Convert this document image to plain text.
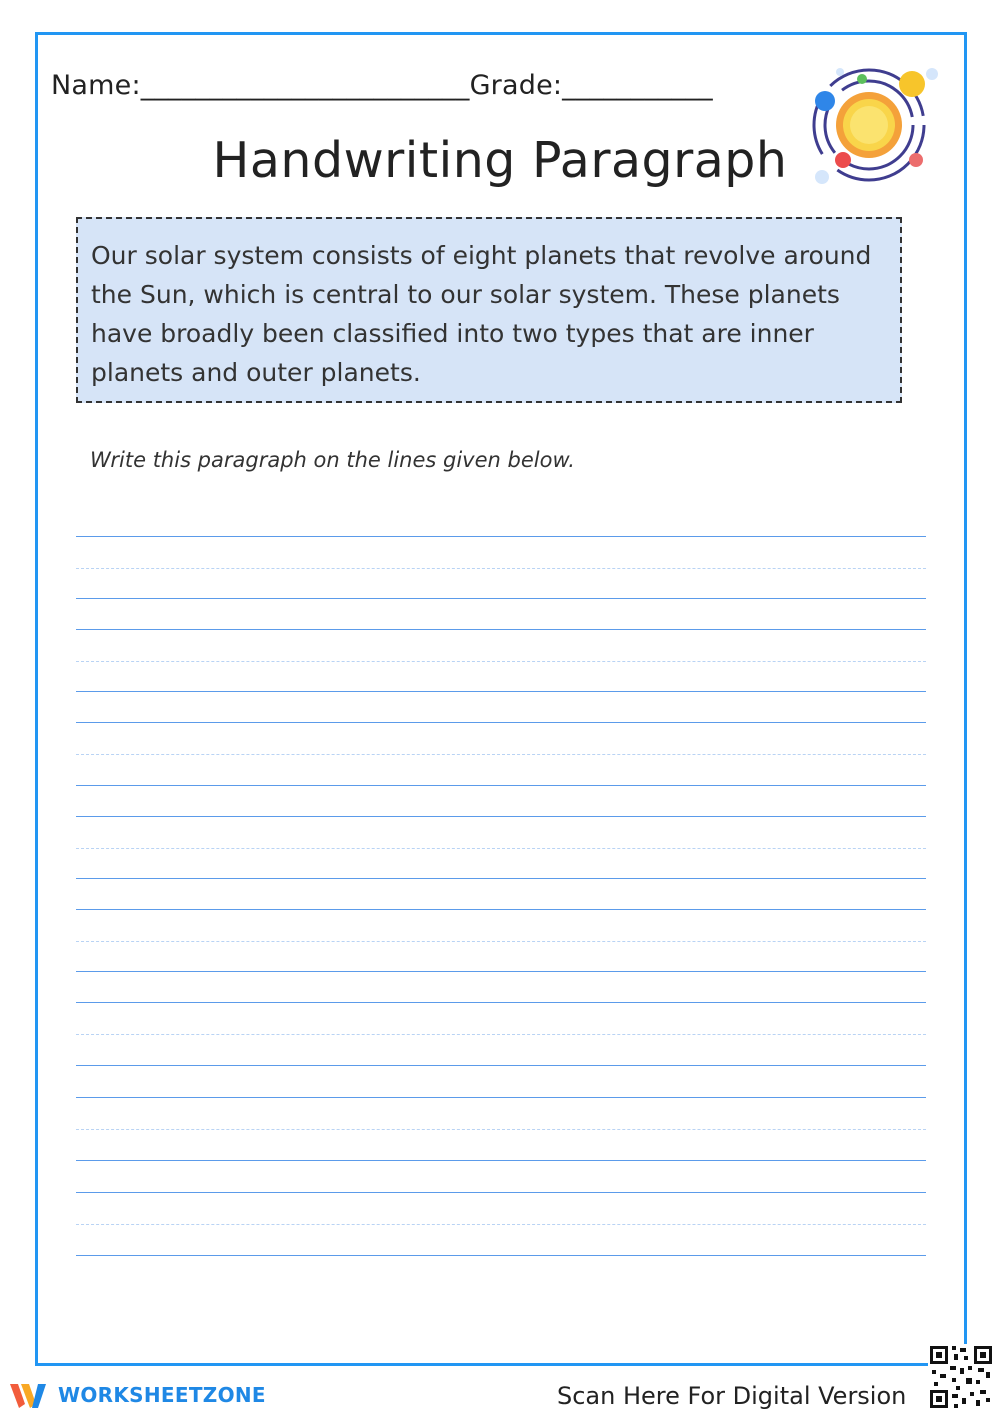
Name:________________________Grade:___________
Handwriting Paragraph

Our solar system consists of eight planets that revolve around the Sun, which is central to our solar system. These planets have broadly been classified into two types that are inner planets and outer planets.

Write this paragraph on the lines given below.
WORKSHEETZONE	Scan Here For Digital Version
